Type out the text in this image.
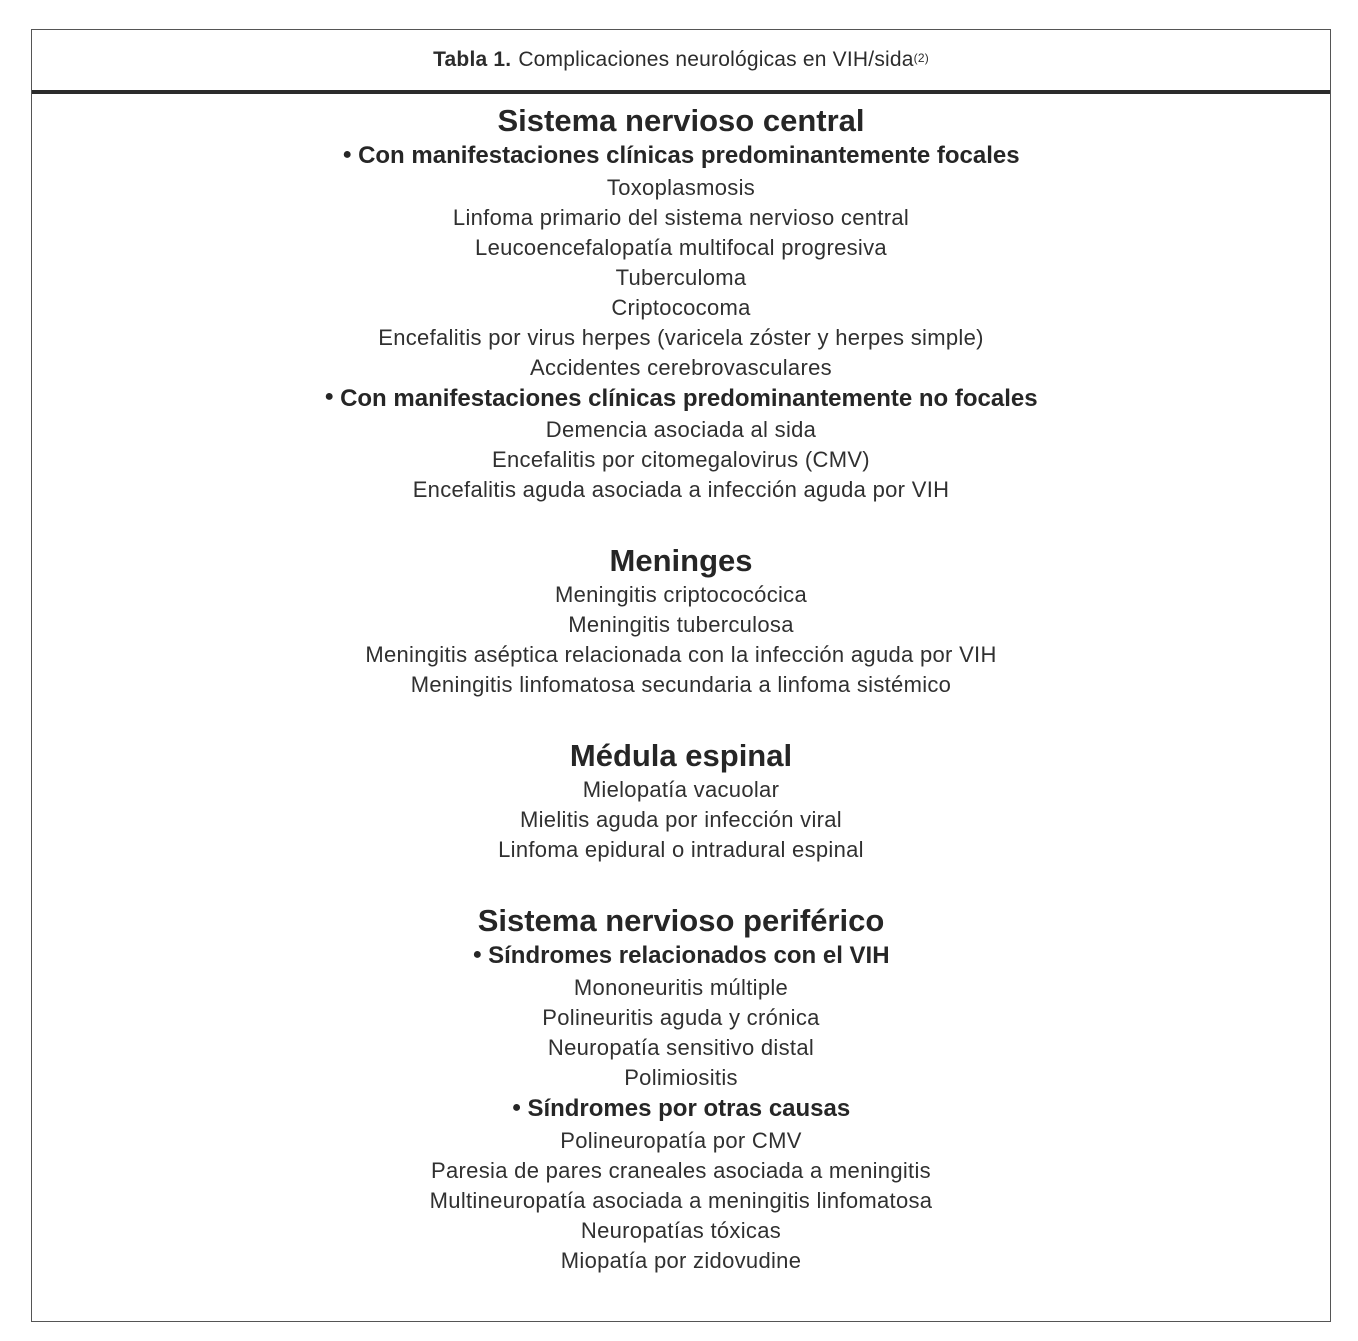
Tabla 1. Complicaciones neurológicas en VIH/sida$^{(2)}$
Sistema nervioso central
● Con manifestaciones clínicas predominantemente focales
Toxoplasmosis
Linfoma primario del sistema nervioso central
Leucoencefalopatía multifocal progresiva
Tuberculoma
Criptococoma
Encefalitis por virus herpes (varicela zóster y herpes simple)
Accidentes cerebrovasculares
● Con manifestaciones clínicas predominantemente no focales
Demencia asociada al sida
Encefalitis por citomegalovirus (CMV)
Encefalitis aguda asociada a infección aguda por VIH
Meninges
Meningitis criptococócica
Meningitis tuberculosa
Meningitis aséptica relacionada con la infección aguda por VIH
Meningitis linfomatosa secundaria a linfoma sistémico
Médula espinal
Mielopatía vacuolar
Mielitis aguda por infección viral
Linfoma epidural o intradural espinal
Sistema nervioso periférico
● Síndromes relacionados con el VIH
Mononeuritis múltiple
Polineuritis aguda y crónica
Neuropatía sensitivo distal
Polimiositis
● Síndromes por otras causas
Polineuropatía por CMV
Paresia de pares craneales asociada a meningitis
Multineuropatía asociada a meningitis linfomatosa
Neuropatías tóxicas
Miopatía por zidovudine
